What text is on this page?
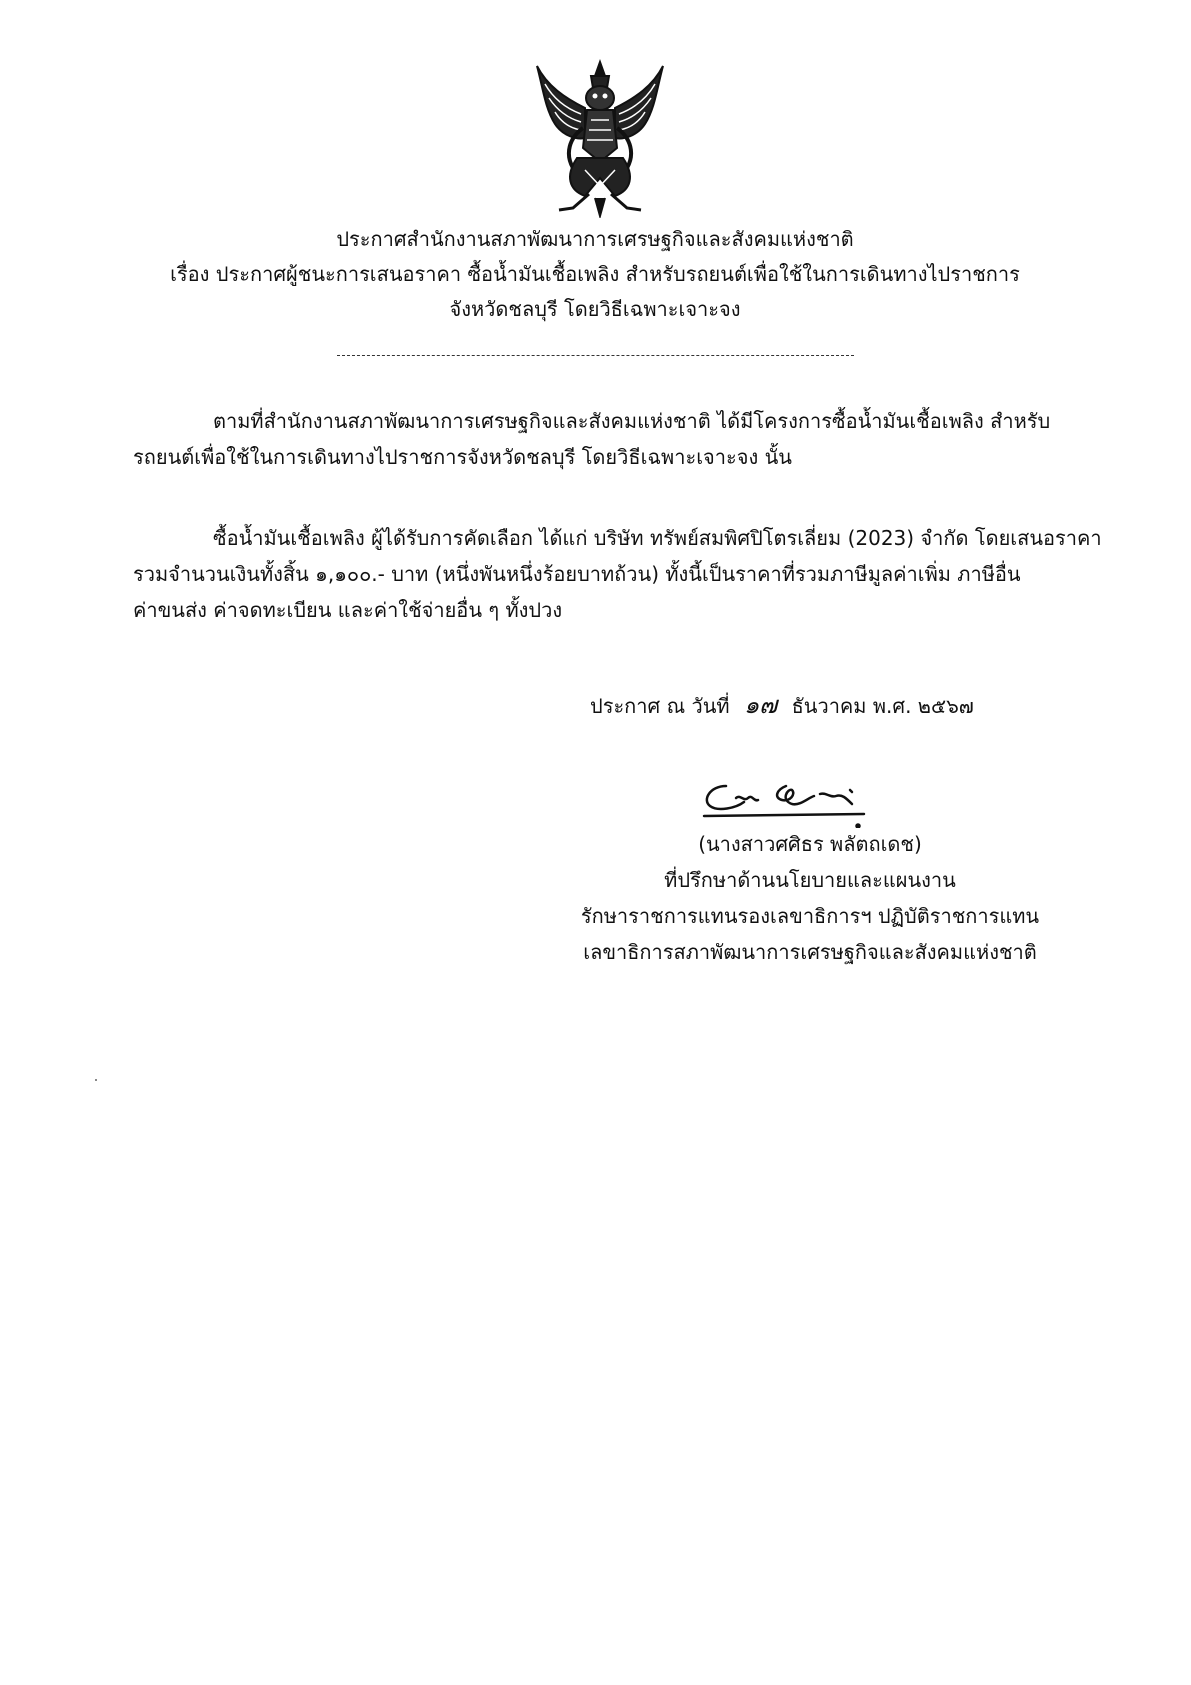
ประกาศสำนักงานสภาพัฒนาการเศรษฐกิจและสังคมแห่งชาติ
เรื่อง ประกาศผู้ชนะการเสนอราคา ซื้อน้ำมันเชื้อเพลิง สำหรับรถยนต์เพื่อใช้ในการเดินทางไปราชการ
จังหวัดชลบุรี โดยวิธีเฉพาะเจาะจง
ตามที่สำนักงานสภาพัฒนาการเศรษฐกิจและสังคมแห่งชาติ ได้มีโครงการซื้อน้ำมันเชื้อเพลิง สำหรับ
รถยนต์เพื่อใช้ในการเดินทางไปราชการจังหวัดชลบุรี โดยวิธีเฉพาะเจาะจง นั้น
ซื้อน้ำมันเชื้อเพลิง ผู้ได้รับการคัดเลือก ได้แก่ บริษัท ทรัพย์สมพิศปิโตรเลี่ยม (2023) จำกัด โดยเสนอราคา
รวมจำนวนเงินทั้งสิ้น ๑,๑๐๐.- บาท (หนึ่งพันหนึ่งร้อยบาทถ้วน) ทั้งนี้เป็นราคาที่รวมภาษีมูลค่าเพิ่ม ภาษีอื่น
ค่าขนส่ง ค่าจดทะเบียน และค่าใช้จ่ายอื่น ๆ ทั้งปวง
ประกาศ ณ วันที่ ๑๗ ธันวาคม พ.ศ. ๒๕๖๗
(นางสาวศศิธร พลัตถเดช)
ที่ปรึกษาด้านนโยบายและแผนงาน
รักษาราชการแทนรองเลขาธิการฯ ปฏิบัติราชการแทน
เลขาธิการสภาพัฒนาการเศรษฐกิจและสังคมแห่งชาติ
